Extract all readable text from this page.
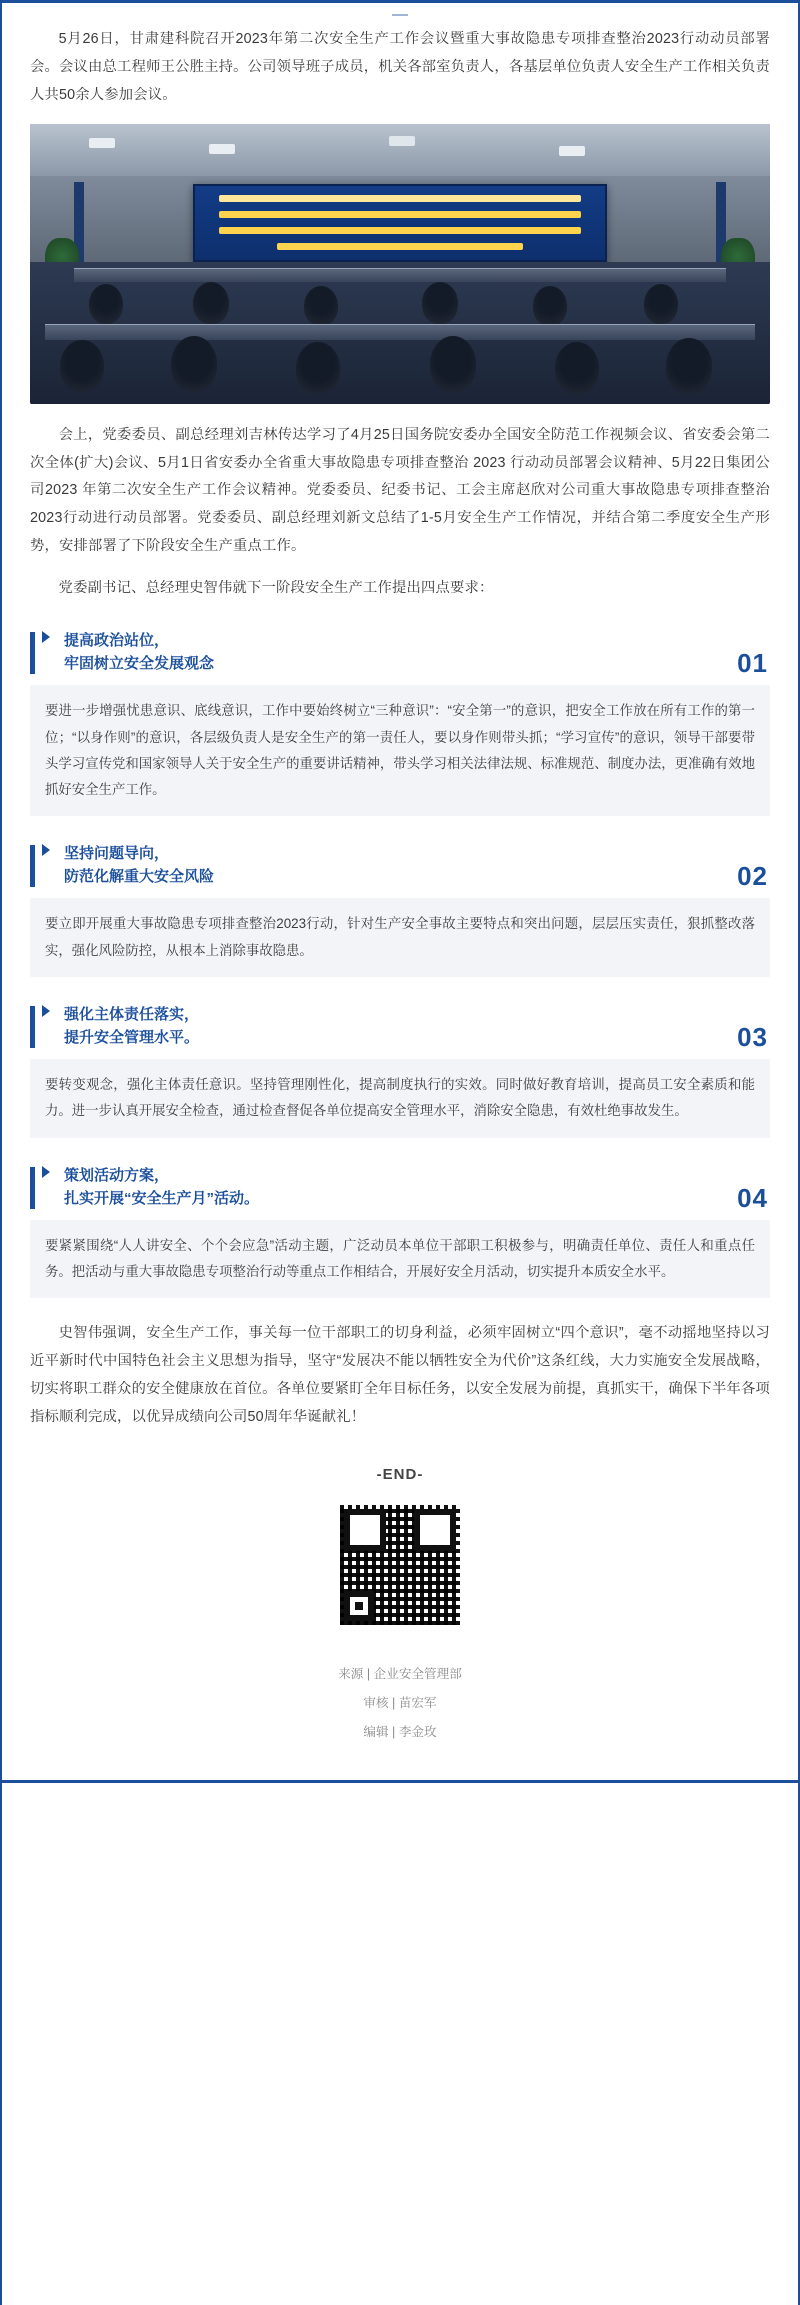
5月26日，甘肃建科院召开2023年第二次安全生产工作会议暨重大事故隐患专项排查整治2023行动动员部署会。会议由总工程师王公胜主持。公司领导班子成员，机关各部室负责人，各基层单位负责人安全生产工作相关负责人共50余人参加会议。

会上，党委委员、副总经理刘吉林传达学习了4月25日国务院安委办全国安全防范工作视频会议、省安委会第二次全体(扩大)会议、5月1日省安委办全省重大事故隐患专项排查整治 2023 行动动员部署会议精神、5月22日集团公司2023 年第二次安全生产工作会议精神。党委委员、纪委书记、工会主席赵欣对公司重大事故隐患专项排查整治2023行动进行动员部署。党委委员、副总经理刘新文总结了1-5月安全生产工作情况，并结合第二季度安全生产形势，安排部署了下阶段安全生产重点工作。

党委副书记、总经理史智伟就下一阶段安全生产工作提出四点要求：

提高政治站位，
牢固树立安全发展观念	01
要进一步增强忧患意识、底线意识，工作中要始终树立“三种意识”：“安全第一”的意识，把安全工作放在所有工作的第一位；“以身作则”的意识，各层级负责人是安全生产的第一责任人，要以身作则带头抓；“学习宣传”的意识，领导干部要带头学习宣传党和国家领导人关于安全生产的重要讲话精神，带头学习相关法律法规、标准规范、制度办法，更准确有效地抓好安全生产工作。
坚持问题导向，
防范化解重大安全风险	02
要立即开展重大事故隐患专项排查整治2023行动，针对生产安全事故主要特点和突出问题，层层压实责任，狠抓整改落实，强化风险防控，从根本上消除事故隐患。
强化主体责任落实，
提升安全管理水平。	03
要转变观念，强化主体责任意识。坚持管理刚性化，提高制度执行的实效。同时做好教育培训，提高员工安全素质和能力。进一步认真开展安全检查，通过检查督促各单位提高安全管理水平，消除安全隐患，有效杜绝事故发生。
策划活动方案，
扎实开展“安全生产月”活动。	04
要紧紧围绕“人人讲安全、个个会应急”活动主题，广泛动员本单位干部职工积极参与，明确责任单位、责任人和重点任务。把活动与重大事故隐患专项整治行动等重点工作相结合，开展好安全月活动，切实提升本质安全水平。

史智伟强调，安全生产工作，事关每一位干部职工的切身利益，必须牢固树立“四个意识”，毫不动摇地坚持以习近平新时代中国特色社会主义思想为指导，坚守“发展决不能以牺牲安全为代价”这条红线，大力实施安全发展战略，切实将职工群众的安全健康放在首位。各单位要紧盯全年目标任务，以安全发展为前提，真抓实干，确保下半年各项指标顺利完成，以优异成绩向公司50周年华诞献礼！

-END-
来源 | 企业安全管理部
审核 | 苗宏军
编辑 | 李金玫
